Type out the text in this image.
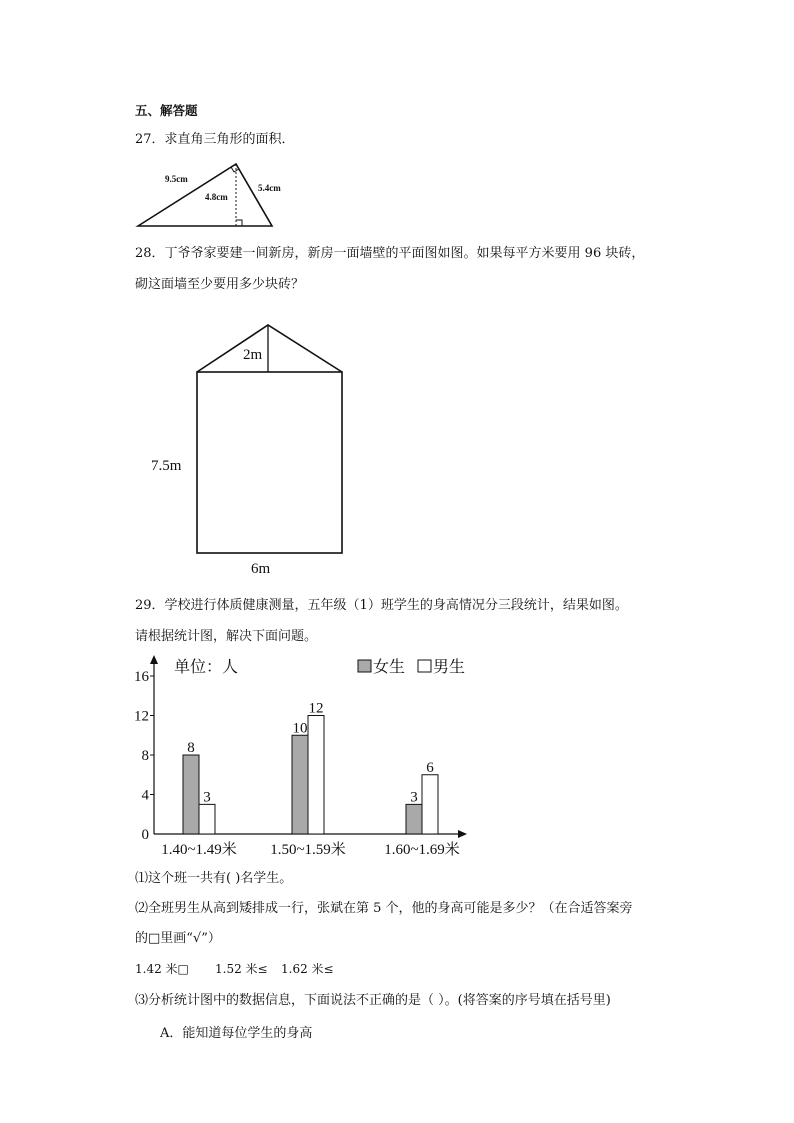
五、解答题
27．求直角三角形的面积．
9.5cm
4.8cm
5.4cm
28．丁爷爷家要建一间新房，新房一面墙壁的平面图如图。如果每平方米要用 96 块砖，
砌这面墙至少要用多少块砖？
2m
7.5m
6m
29．学校进行体质健康测量，五年级（1）班学生的身高情况分三段统计，结果如图。
请根据统计图，解决下面问题。
0
4
8
12
16
8
3
1.40~1.49米
10
12
1.50~1.59米
3
6
1.60~1.69米
单位：人	女生 男生
⑴这个班一共有( )名学生。
⑵全班男生从高到矮排成一行，张斌在第 5 个，他的身高可能是多少？（在合适答案旁
的□里画“√”）
1.42 米□ 1.52 米≤ 1.62 米≤
⑶分析统计图中的数据信息，下面说法不正确的是（ ）。(将答案的序号填在括号里)
A．能知道每位学生的身高
